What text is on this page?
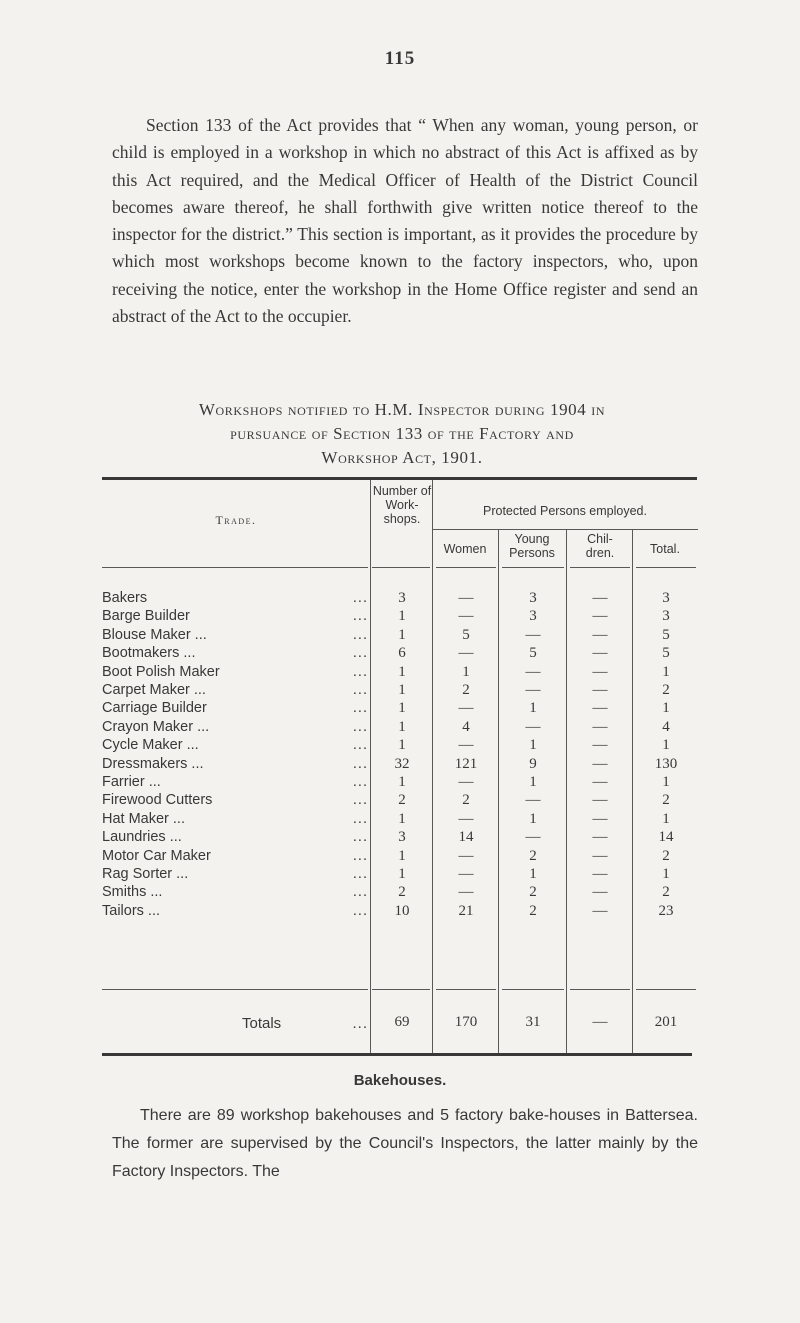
115

Section 133 of the Act provides that “ When any woman, young person, or child is employed in a workshop in which no abstract of this Act is affixed as by this Act required, and the Medical Officer of Health of the District Council becomes aware thereof, he shall forthwith give written notice thereof to the inspector for the district.” This section is important, as it provides the procedure by which most workshops become known to the factory inspectors, who, upon receiving the notice, enter the workshop in the Home Office register and send an abstract of the Act to the occupier.

Workshops notified to H.M. Inspector during 1904 in
pursuance of Section 133 of the Factory and
Workshop Act, 1901.
Trade.
Number of Work- shops.
Protected Persons employed.
Women
Young Persons
Chil- dren.	Total.
Bakers	...	3	—	3	—	3
Barge Builder	...	1	—	3	—	3
Blouse Maker ...	...	1	5	—	—	5
Bootmakers ...	...	6	—	5	—	5
Boot Polish Maker	...	1	1	—	—	1
Carpet Maker ...	...	1	2	—	—	2
Carriage Builder	...	1	—	1	—	1
Crayon Maker ...	...	1	4	—	—	4
Cycle Maker ...	...	1	—	1	—	1
Dressmakers ...	...	32	121	9	—	130
Farrier ...	...	1	—	1	—	1
Firewood Cutters	...	2	2	—	—	2
Hat Maker ...	...	1	—	1	—	1
Laundries ...	...	3	14	—	—	14
Motor Car Maker	...	1	—	2	—	2
Rag Sorter ...	...	1	—	1	—	1
Smiths ...	...	2	—	2	—	2
Tailors ...	...	10	21	2	—	23
Totals	...	69	170	31	—	201
Bakehouses.

There are 89 workshop bakehouses and 5 factory bake-houses in Battersea. The former are supervised by the Council's Inspectors, the latter mainly by the Factory Inspectors. The
